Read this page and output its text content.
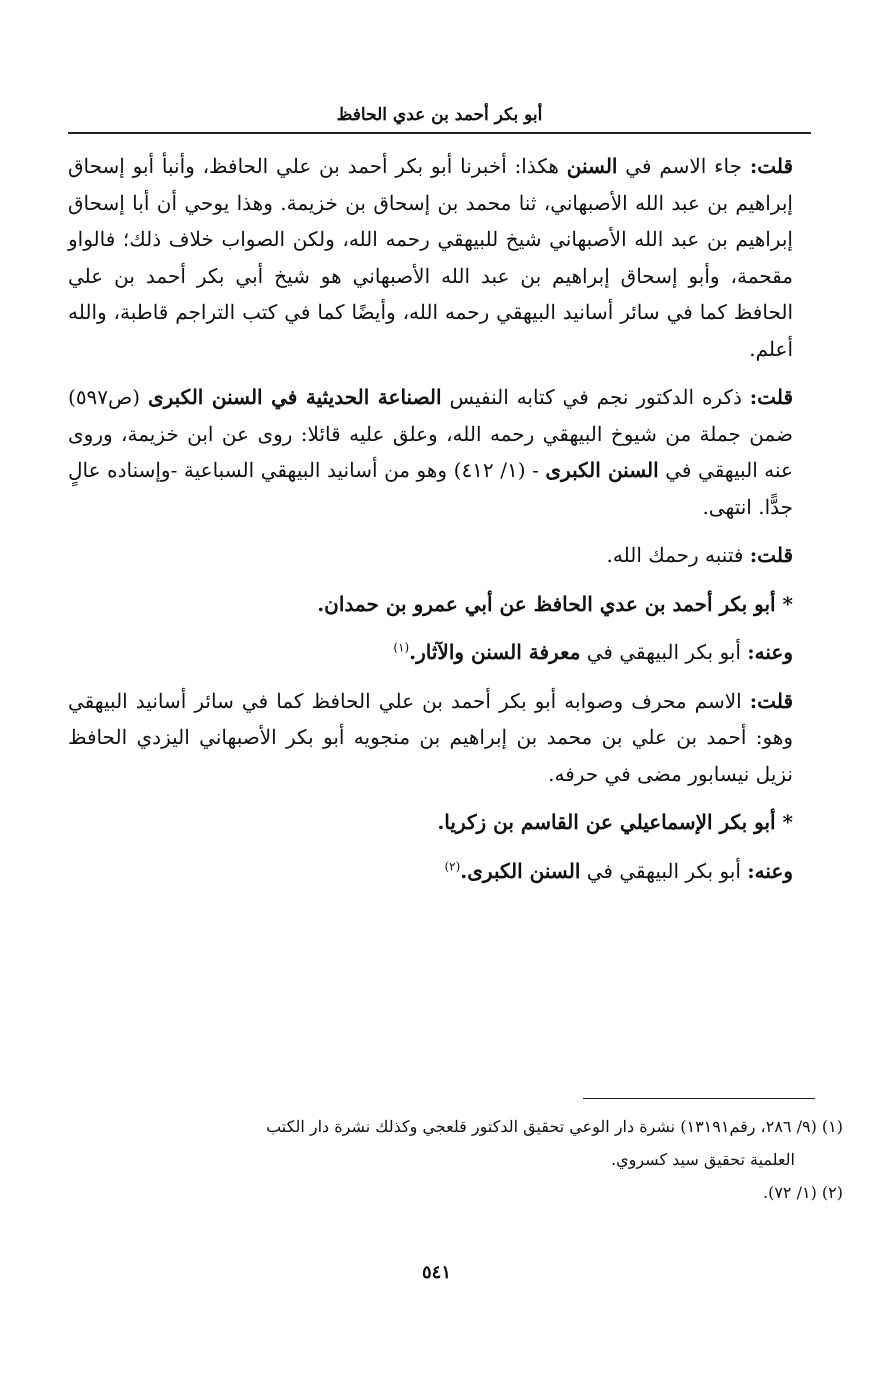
أبو بكر أحمد بن عدي الحافظ

قلت: جاء الاسم في السنن هكذا: أخبرنا أبو بكر أحمد بن علي الحافظ، وأنبأ أبو إسحاق إبراهيم بن عبد الله الأصبهاني، ثنا محمد بن إسحاق بن خزيمة. وهذا يوحي أن أبا إسحاق إبراهيم بن عبد الله الأصبهاني شيخ للبيهقي رحمه الله، ولكن الصواب خلاف ذلك؛ فالواو مقحمة، وأبو إسحاق إبراهيم بن عبد الله الأصبهاني هو شيخ أبي بكر أحمد بن علي الحافظ كما في سائر أسانيد البيهقي رحمه الله، وأيضًا كما في كتب التراجم قاطبة، والله أعلم.

قلت: ذكره الدكتور نجم في كتابه النفيس الصناعة الحديثية في السنن الكبرى (ص٥٩٧) ضمن جملة من شيوخ البيهقي رحمه الله، وعلق عليه قائلا: روى عن ابن خزيمة، وروى عنه البيهقي في السنن الكبرى - (١/ ٤١٢) وهو من أسانيد البيهقي السباعية -وإسناده عالٍ جدًّا. انتهى.

قلت: فتنبه رحمك الله.

* أبو بكر أحمد بن عدي الحافظ عن أبي عمرو بن حمدان.

وعنه: أبو بكر البيهقي في معرفة السنن والآثار.$^{(١)}$

قلت: الاسم محرف وصوابه أبو بكر أحمد بن علي الحافظ كما في سائر أسانيد البيهقي وهو: أحمد بن علي بن محمد بن إبراهيم بن منجويه أبو بكر الأصبهاني اليزدي الحافظ نزيل نيسابور مضى في حرفه.

* أبو بكر الإسماعيلي عن القاسم بن زكريا.

وعنه: أبو بكر البيهقي في السنن الكبرى.$^{(٢)}$

(١) (٩/ ٢٨٦، رقم١٣١٩١) نشرة دار الوعي تحقيق الدكتور قلعجي وكذلك نشرة دار الكتب

العلمية تحقيق سيد كسروي.

(٢) (١/ ٧٢).

٥٤١
